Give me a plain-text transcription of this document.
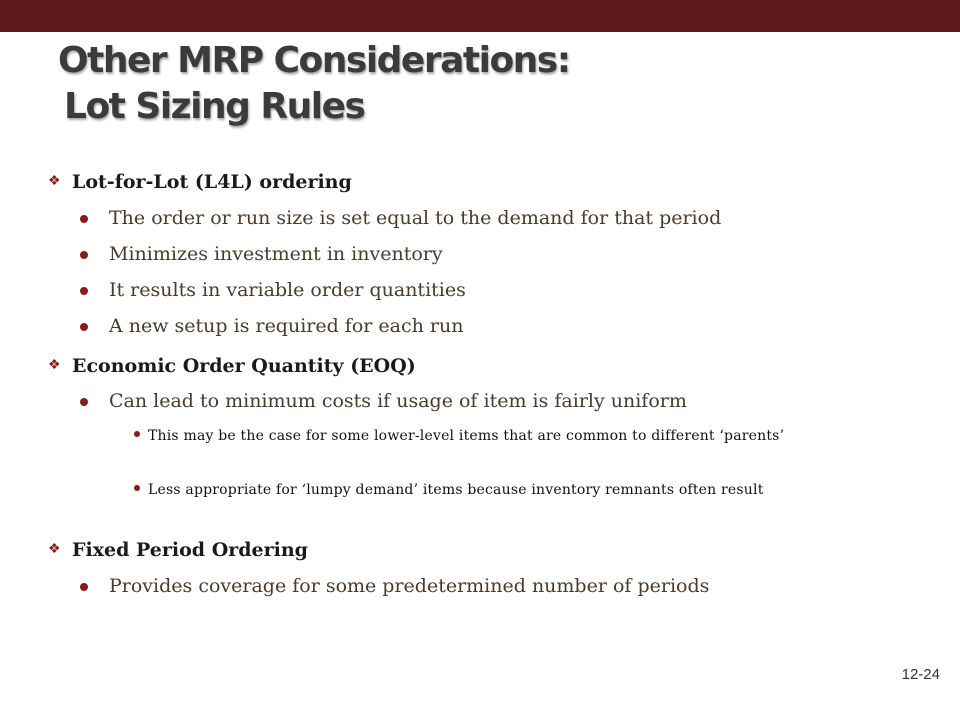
Other MRP Considerations:
Lot Sizing Rules
❖ Lot-for-Lot (L4L) ordering
The order or run size is set equal to the demand for that period
Minimizes investment in inventory
It results in variable order quantities
A new setup is required for each run
❖ Economic Order Quantity (EOQ)
Can lead to minimum costs if usage of item is fairly uniform
This may be the case for some lower-level items that are common to different ‘parents’
Less appropriate for ‘lumpy demand’ items because inventory remnants often result
❖ Fixed Period Ordering
Provides coverage for some predetermined number of periods
12-24
